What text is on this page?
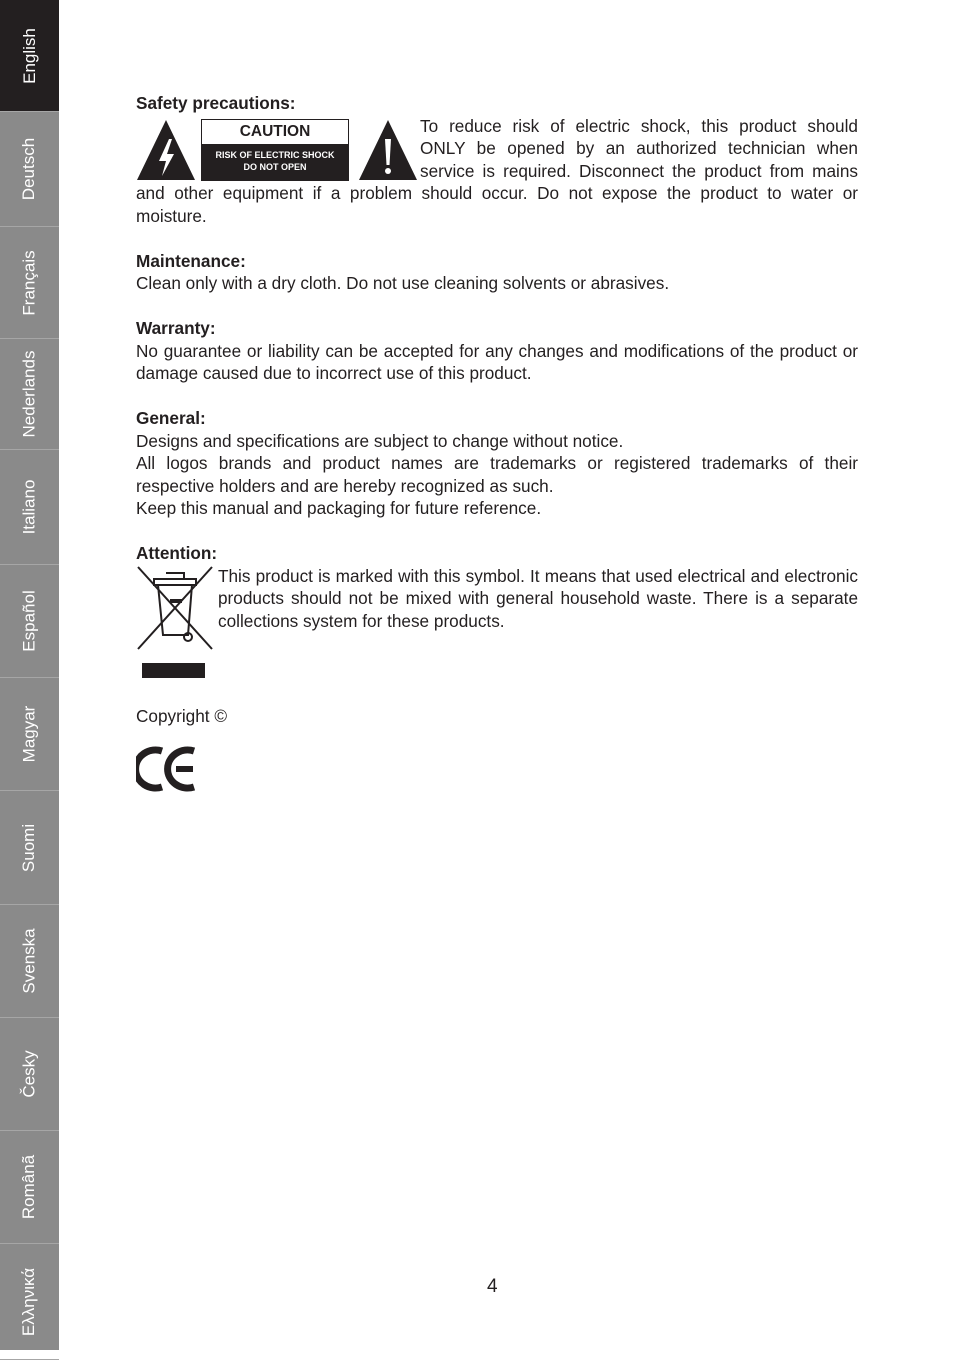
English
Deutsch
Français
Nederlands
Italiano
Español
Magyar
Suomi
Svenska
Česky
Românã
Ελληνικά

Safety precautions:

CAUTION
RISK OF ELECTRIC SHOCK
DO NOT OPEN

To reduce risk of electric shock, this product should ONLY be opened by an authorized technician when service is required. Disconnect the product from mains and other equipment if a problem should occur. Do not expose the product to water or moisture.

Maintenance:

Clean only with a dry cloth. Do not use cleaning solvents or abrasives.

Warranty:

No guarantee or liability can be accepted for any changes and modifications of the product or damage caused due to incorrect use of this product.

General:

Designs and specifications are subject to change without notice.

All logos brands and product names are trademarks or registered trademarks of their respective holders and are hereby recognized as such.

Keep this manual and packaging for future reference.

Attention:

This product is marked with this symbol. It means that used electrical and electronic products should not be mixed with general household waste. There is a separate collections system for these products.

Copyright ©

4
